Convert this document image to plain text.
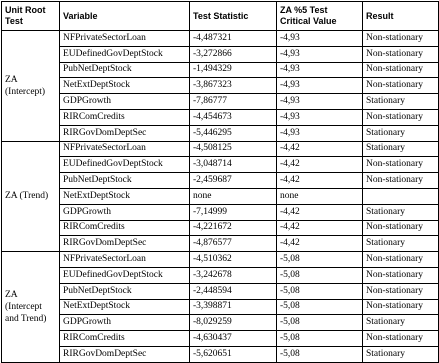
Unit Root Test	Variable	Test Statistic	ZA %5 Test Critical Value	Result
ZA (Intercept)	NFPrivateSectorLoan	-4,487321	-4,93	Non-stationary
	EUDefinedGovDeptStock	-3,272866	-4,93	Non-stationary
	PubNetDeptStock	-1,494329	-4,93	Non-stationary
	NetExtDeptStock	-3,867323	-4,93	Non-stationary
	GDPGrowth	-7,86777	-4,93	Stationary
	RIRComCredits	-4,454673	-4,93	Non-stationary
	RIRGovDomDeptSec	-5,446295	-4,93	Stationary
ZA (Trend)	NFPrivateSectorLoan	-4,508125	-4,42	Stationary
	EUDefinedGovDeptStock	-3,048714	-4,42	Non-stationary
	PubNetDeptStock	-2,459687	-4,42	Non-stationary
	NetExtDeptStock	none	none	
	GDPGrowth	-7,14999	-4,42	Stationary
	RIRComCredits	-4,221672	-4,42	Non-stationary
	RIRGovDomDeptSec	-4,876577	-4,42	Stationary
ZA (Intercept and Trend)	NFPrivateSectorLoan	-4,510362	-5,08	Non-stationary
	EUDefinedGovDeptStock	-3,242678	-5,08	Non-stationary
	PubNetDeptStock	-2,448594	-5,08	Non-stationary
	NetExtDeptStock	-3,398871	-5,08	Non-stationary
	GDPGrowth	-8,029259	-5,08	Stationary
	RIRComCredits	-4,630437	-5,08	Non-stationary
	RIRGovDomDeptSec	-5,620651	-5,08	Stationary
